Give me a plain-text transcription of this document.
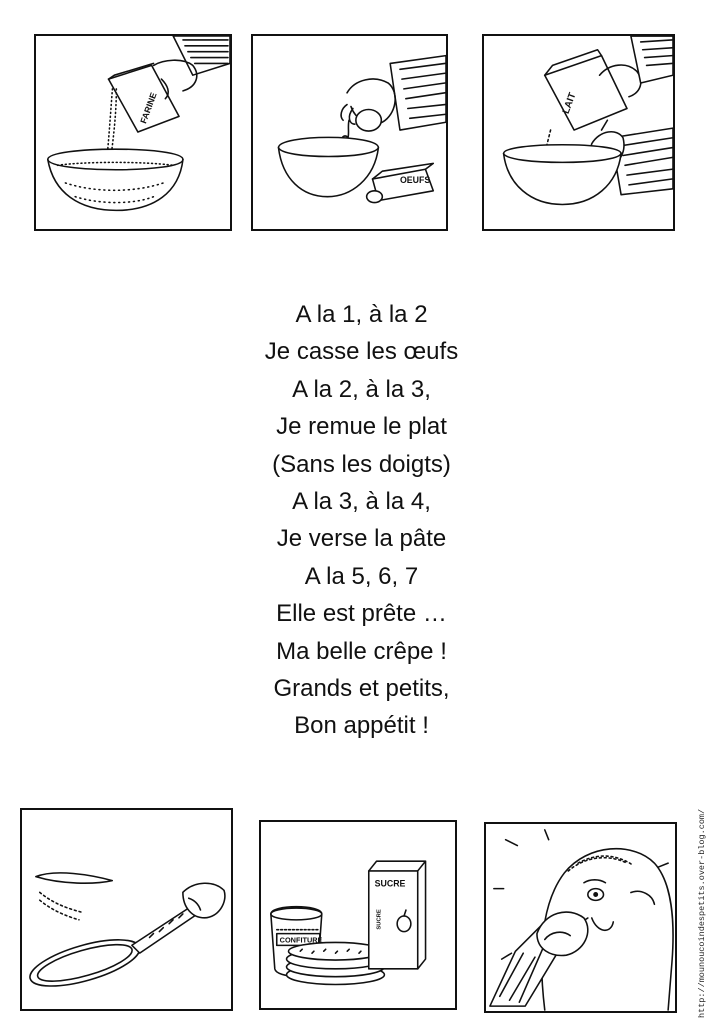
FARINE
OEUFS
LAIT
A la 1, à la 2
Je casse les œufs
A la 2, à la 3,
Je remue le plat
(Sans les doigts)
A la 3, à la 4,
Je verse la pâte
A la 5, 6, 7
Elle est prête …
Ma belle crêpe !
Grands et petits,
Bon appétit !
CONFITURE
SUCRE
SUCRE	http://mounoucoindespetits.over-blog.com/
